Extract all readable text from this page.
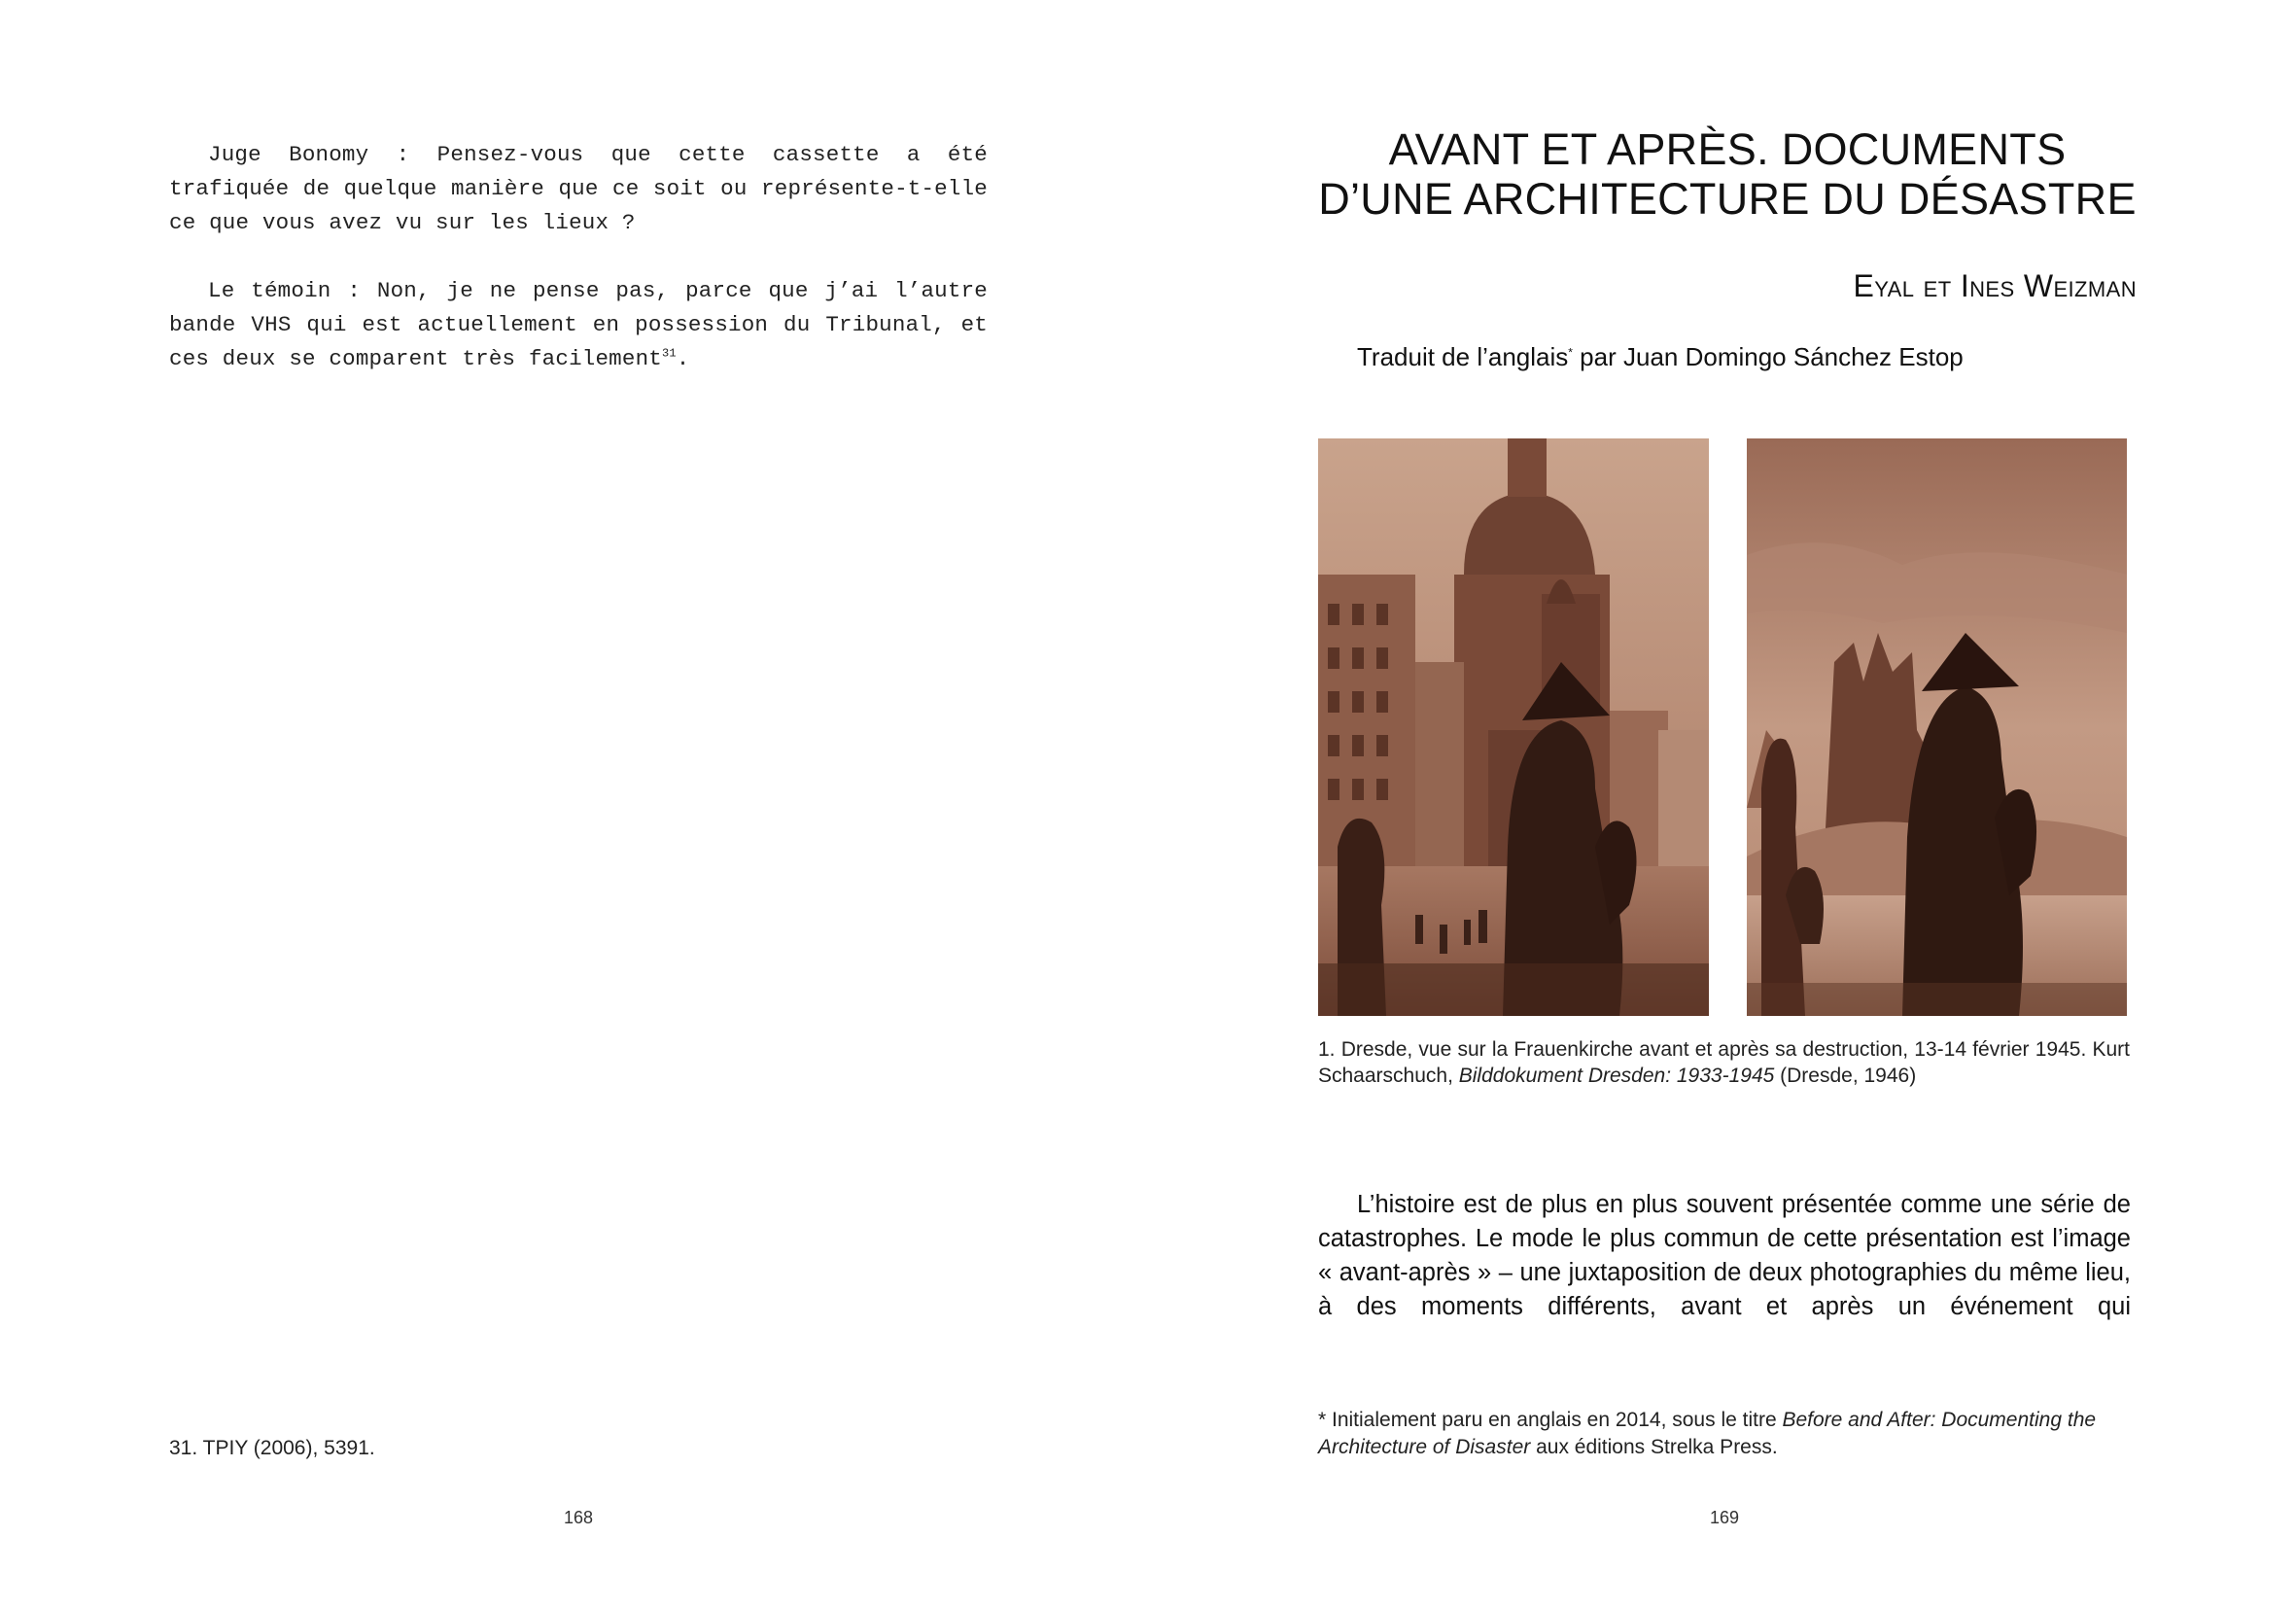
Juge Bonomy : Pensez-vous que cette cassette a été trafiquée de quelque manière que ce soit ou représente-t-elle ce que vous avez vu sur les lieux ?

Le témoin : Non, je ne pense pas, parce que j’ai l’autre bande VHS qui est actuellement en possession du Tribunal, et ces deux se comparent très facilement$^{31}$.

31. TPIY (2006), 5391.
168
AVANT ET APRÈS. DOCUMENTS D’UNE ARCHITECTURE DU DÉSASTRE
Eyal et Ines Weizman
Traduit de l’anglais* par Juan Domingo Sánchez Estop
1. Dresde, vue sur la Frauenkirche avant et après sa destruction, 13-14 février 1945. Kurt Schaarschuch, Bilddokument Dresden: 1933-1945 (Dresde, 1946)

L’histoire est de plus en plus souvent présentée comme une série de catastrophes. Le mode le plus commun de cette présentation est l’image « avant-après » – une juxtaposition de deux photographies du même lieu, à des moments différents, avant et après un événement qui

* Initialement paru en anglais en 2014, sous le titre Before and After: Documenting the Architecture of Disaster aux éditions Strelka Press.
169
